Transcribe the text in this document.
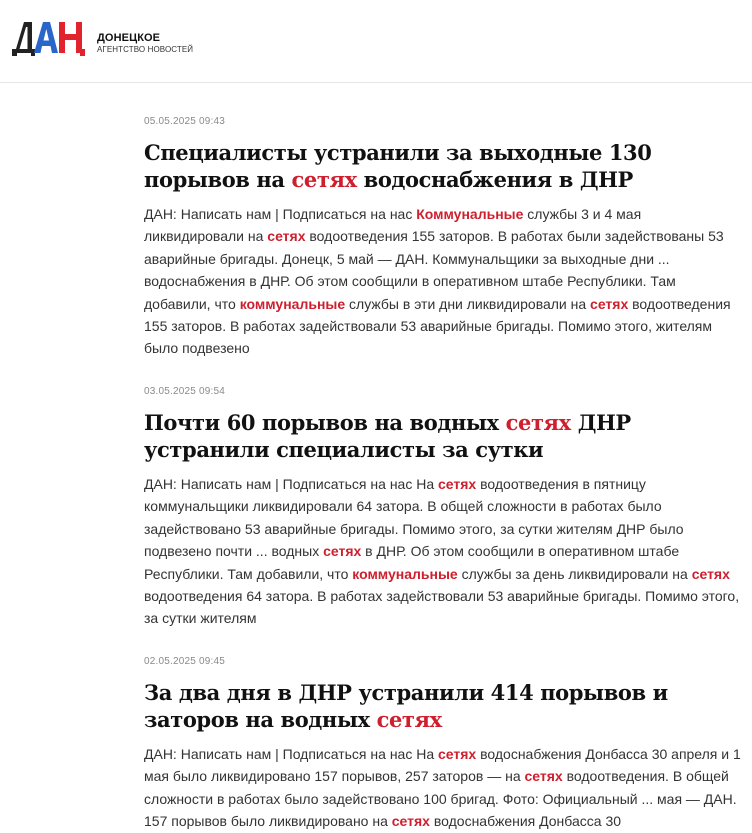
ДОНЕЦКОЕ
АГЕНТСТВО НОВОСТЕЙ
05.05.2025 09:43
Специалисты устранили за выходные 130 порывов на сетях водоснабжения в ДНР
ДАН: Написать нам | Подписаться на нас Коммунальные службы 3 и 4 мая ликвидировали на сетях водоотведения 155 заторов. В работах были задействованы 53 аварийные бригады. Донецк, 5 май — ДАН. Коммунальщики за выходные дни ... водоснабжения в ДНР. Об этом сообщили в оперативном штабе Республики. Там добавили, что коммунальные службы в эти дни ликвидировали на сетях водоотведения 155 заторов. В работах задействовали 53 аварийные бригады. Помимо этого, жителям было подвезено
03.05.2025 09:54
Почти 60 порывов на водных сетях ДНР устранили специалисты за сутки
ДАН: Написать нам | Подписаться на нас На сетях водоотведения в пятницу коммунальщики ликвидировали 64 затора. В общей сложности в работах было задействовано 53 аварийные бригады. Помимо этого, за сутки жителям ДНР было подвезено почти ... водных сетях в ДНР. Об этом сообщили в оперативном штабе Республики. Там добавили, что коммунальные службы за день ликвидировали на сетях водоотведения 64 затора. В работах задействовали 53 аварийные бригады. Помимо этого, за сутки жителям
02.05.2025 09:45
За два дня в ДНР устранили 414 порывов и заторов на водных сетях
ДАН: Написать нам | Подписаться на нас На сетях водоснабжения Донбасса 30 апреля и 1 мая было ликвидировано 157 порывов, 257 заторов — на сетях водоотведения. В общей сложности в работах было задействовано 100 бригад. Фото: Официальный ... мая — ДАН. 157 порывов было ликвидировано на сетях водоснабжения Донбасса 30
